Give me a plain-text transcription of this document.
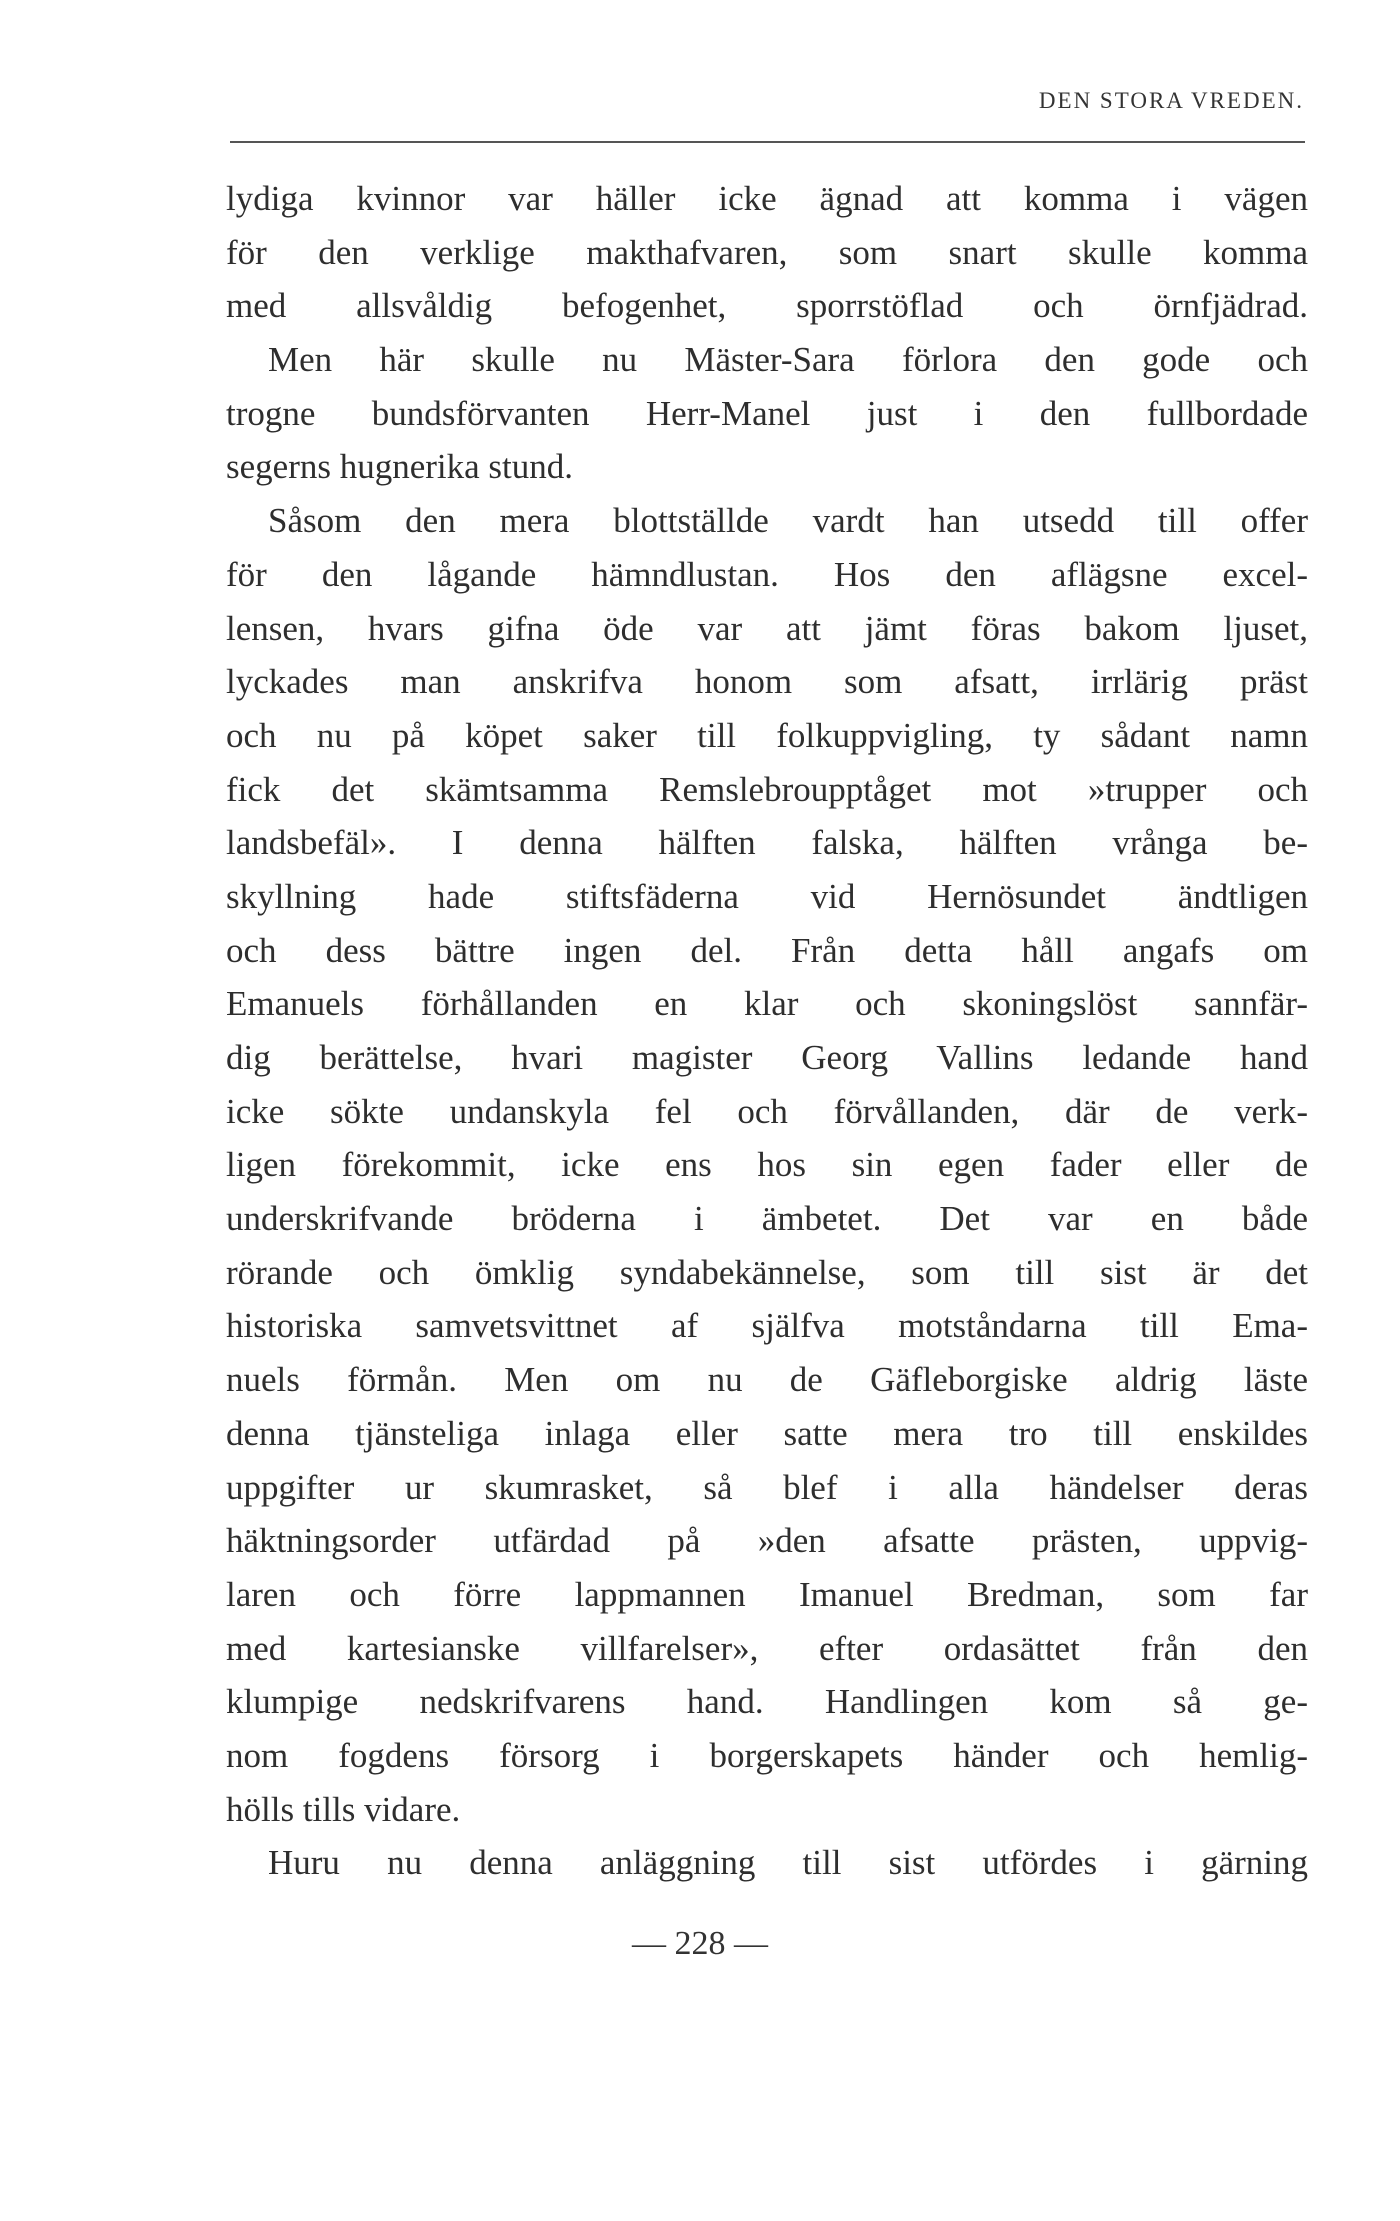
DEN STORA VREDEN.
lydiga kvinnor var häller icke ägnad att komma i vägen
för den verklige makthafvaren, som snart skulle komma
med allsvåldig befogenhet, sporrstöflad och örnfjädrad.
Men här skulle nu Mäster-Sara förlora den gode och
trogne bundsförvanten Herr-Manel just i den fullbordade
segerns hugnerika stund.
Såsom den mera blottställde vardt han utsedd till offer
för den lågande hämndlustan. Hos den aflägsne excel-
lensen, hvars gifna öde var att jämt föras bakom ljuset,
lyckades man anskrifva honom som afsatt, irrlärig präst
och nu på köpet saker till folkuppvigling, ty sådant namn
fick det skämtsamma Remslebroupptåget mot »trupper och
landsbefäl». I denna hälften falska, hälften vrånga be-
skyllning hade stiftsfäderna vid Hernösundet ändtligen
och dess bättre ingen del. Från detta håll angafs om
Emanuels förhållanden en klar och skoningslöst sannfär-
dig berättelse, hvari magister Georg Vallins ledande hand
icke sökte undanskyla fel och förvållanden, där de verk-
ligen förekommit, icke ens hos sin egen fader eller de
underskrifvande bröderna i ämbetet. Det var en både
rörande och ömklig syndabekännelse, som till sist är det
historiska samvetsvittnet af själfva motståndarna till Ema-
nuels förmån. Men om nu de Gäfleborgiske aldrig läste
denna tjänsteliga inlaga eller satte mera tro till enskildes
uppgifter ur skumrasket, så blef i alla händelser deras
häktningsorder utfärdad på »den afsatte prästen, uppvig-
laren och förre lappmannen Imanuel Bredman, som far
med kartesianske villfarelser», efter ordasättet från den
klumpige nedskrifvarens hand. Handlingen kom så ge-
nom fogdens försorg i borgerskapets händer och hemlig-
hölls tills vidare.
Huru nu denna anläggning till sist utfördes i gärning
— 228 —
